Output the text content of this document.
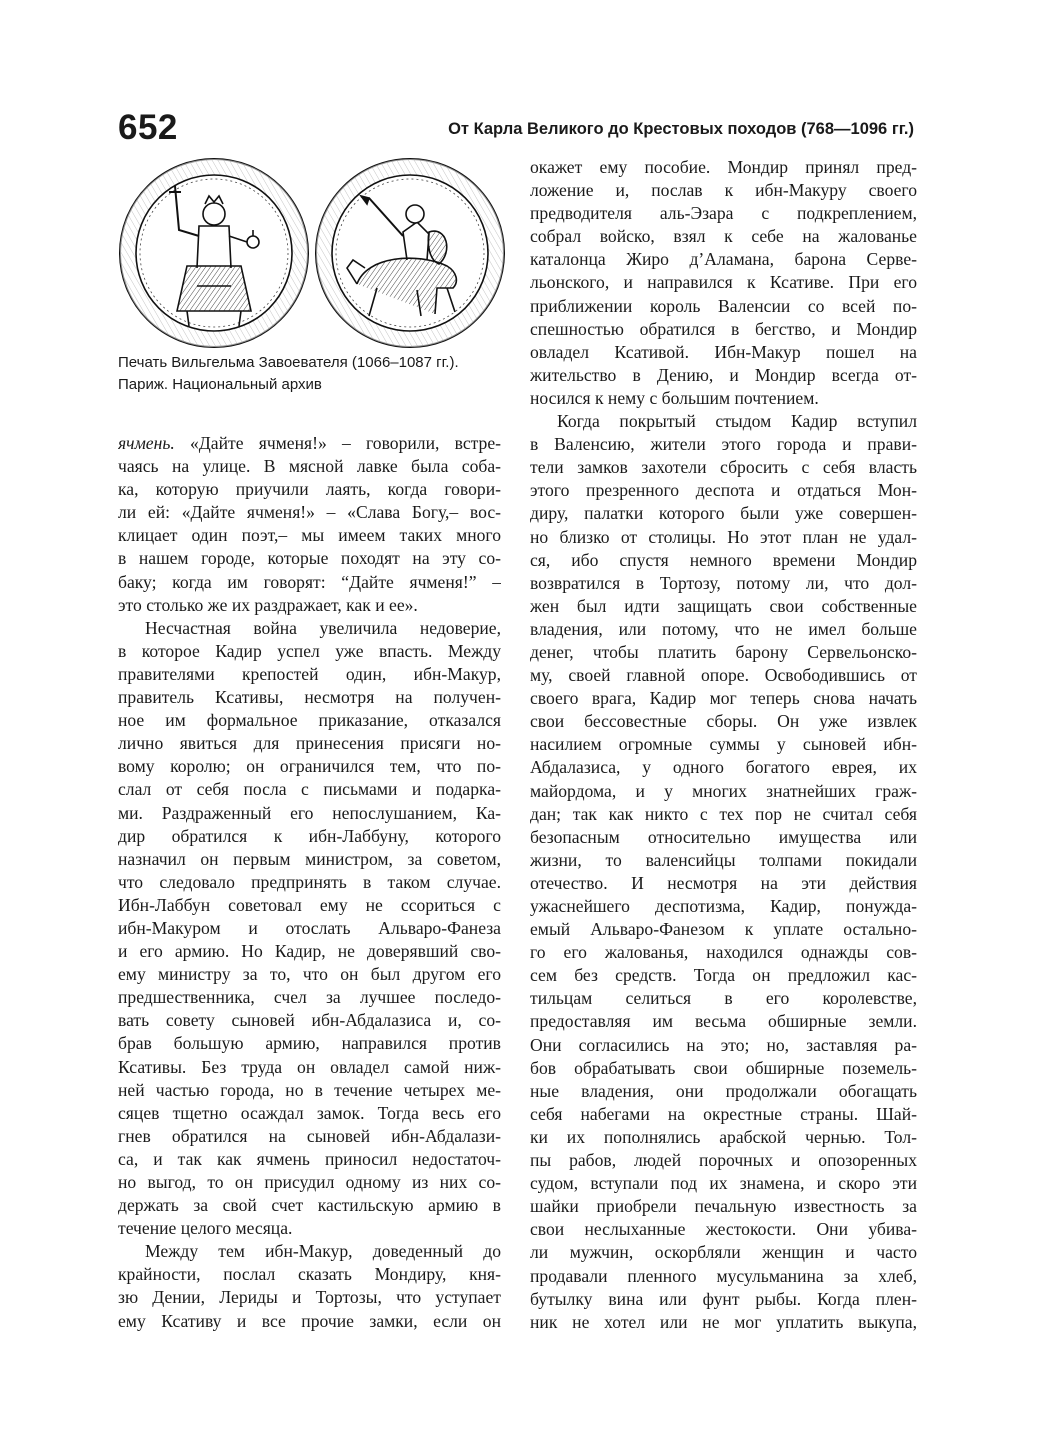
652	От Карла Великого до Крестовых походов (768—1096 гг.)
Печать Вильгельма Завоевателя (1066–1087 гг.).
Париж. Национальный архив
ячмень. «Дайте ячменя!» – говорили, встре-
чаясь на улице. В мясной лавке была соба-
ка, которую приучили лаять, когда говори-
ли ей: «Дайте ячменя!» – «Слава Богу,– вос-
клицает один поэт,– мы имеем таких много
в нашем городе, которые походят на эту со-
баку; когда им говорят: “Дайте ячменя!” –
это столько же их раздражает, как и ее».
Несчастная война увеличила недоверие,
в которое Кадир успел уже впасть. Между
правителями крепостей один, ибн-Макур,
правитель Ксативы, несмотря на получен-
ное им формальное приказание, отказался
лично явиться для принесения присяги но-
вому королю; он ограничился тем, что по-
слал от себя посла с письмами и подарка-
ми. Раздраженный его непослушанием, Ка-
дир обратился к ибн-Лаббуну, которого
назначил он первым министром, за советом,
что следовало предпринять в таком случае.
Ибн-Лаббун советовал ему не ссориться с
ибн-Макуром и отослать Альваро-Фанеза
и его армию. Но Кадир, не доверявший сво-
ему министру за то, что он был другом его
предшественника, счел за лучшее последо-
вать совету сыновей ибн-Абдалазиса и, со-
брав большую армию, направился против
Ксативы. Без труда он овладел самой ниж-
ней частью города, но в течение четырех ме-
сяцев тщетно осаждал замок. Тогда весь его
гнев обратился на сыновей ибн-Абдалази-
са, и так как ячмень приносил недостаточ-
но выгод, то он присудил одному из них со-
держать за свой счет кастильскую армию в
течение целого месяца.
Между тем ибн-Макур, доведенный до
крайности, послал сказать Мондиру, кня-
зю Дении, Лериды и Тортозы, что уступает
ему Ксативу и все прочие замки, если он
окажет ему пособие. Мондир принял пред-
ложение и, послав к ибн-Макуру своего
предводителя аль-Эзара с подкреплением,
собрал войско, взял к себе на жалованье
каталонца Жиро д’Аламана, барона Серве-
льонского, и направился к Ксативе. При его
приближении король Валенсии со всей по-
спешностью обратился в бегство, и Мондир
овладел Ксативой. Ибн-Макур пошел на
жительство в Дению, и Мондир всегда от-
носился к нему с большим почтением.
Когда покрытый стыдом Кадир вступил
в Валенсию, жители этого города и прави-
тели замков захотели сбросить с себя власть
этого презренного деспота и отдаться Мон-
диру, палатки которого были уже совершен-
но близко от столицы. Но этот план не удал-
ся, ибо спустя немного времени Мондир
возвратился в Тортозу, потому ли, что дол-
жен был идти защищать свои собственные
владения, или потому, что не имел больше
денег, чтобы платить барону Сервельонско-
му, своей главной опоре. Освободившись от
своего врага, Кадир мог теперь снова начать
свои бессовестные сборы. Он уже извлек
насилием огромные суммы у сыновей ибн-
Абдалазиса, у одного богатого еврея, их
майордома, и у многих знатнейших граж-
дан; так как никто с тех пор не считал себя
безопасным относительно имущества или
жизни, то валенсийцы толпами покидали
отечество. И несмотря на эти действия
ужаснейшего деспотизма, Кадир, понужда-
емый Альваро-Фанезом к уплате остально-
го его жалованья, находился однажды сов-
сем без средств. Тогда он предложил кас-
тильцам селиться в его королевстве,
предоставляя им весьма обширные земли.
Они согласились на это; но, заставляя ра-
бов обрабатывать свои обширные поземель-
ные владения, они продолжали обогащать
себя набегами на окрестные страны. Шай-
ки их пополнялись арабской чернью. Тол-
пы рабов, людей порочных и опозоренных
судом, вступали под их знамена, и скоро эти
шайки приобрели печальную известность за
свои неслыханные жестокости. Они убива-
ли мужчин, оскорбляли женщин и часто
продавали пленного мусульманина за хлеб,
бутылку вина или фунт рыбы. Когда плен-
ник не хотел или не мог уплатить выкупа,
